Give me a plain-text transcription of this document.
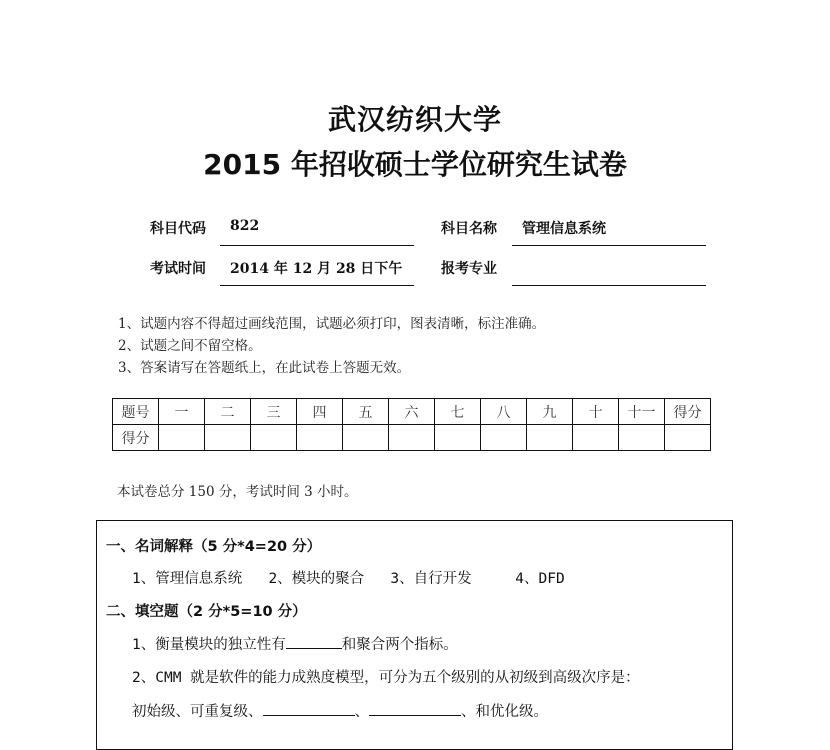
武汉纺织大学
2015 年招收硕士学位研究生试卷
科目代码 822	科目名称 管理信息系统
考试时间 2014 年 12 月 28 日下午	报考专业
1、试题内容不得超过画线范围，试题必须打印，图表清晰，标注准确。
2、试题之间不留空格。
3、答案请写在答题纸上，在此试卷上答题无效。
题号	一	二	三	四	五	六	七	八	九	十	十一	得分
得分												
本试卷总分 150 分，考试时间 3 小时。
一、名词解释（5 分*4=20 分）
1、管理信息系统 2、模块的聚合 3、自行开发	4、DFD
二、填空题（2 分*5=10 分）
1、衡量模块的独立性有	和聚合两个指标。
2、CMM 就是软件的能力成熟度模型，可分为五个级别的从初级到高级次序是：
初始级、可重复级、	、	、和优化级。
